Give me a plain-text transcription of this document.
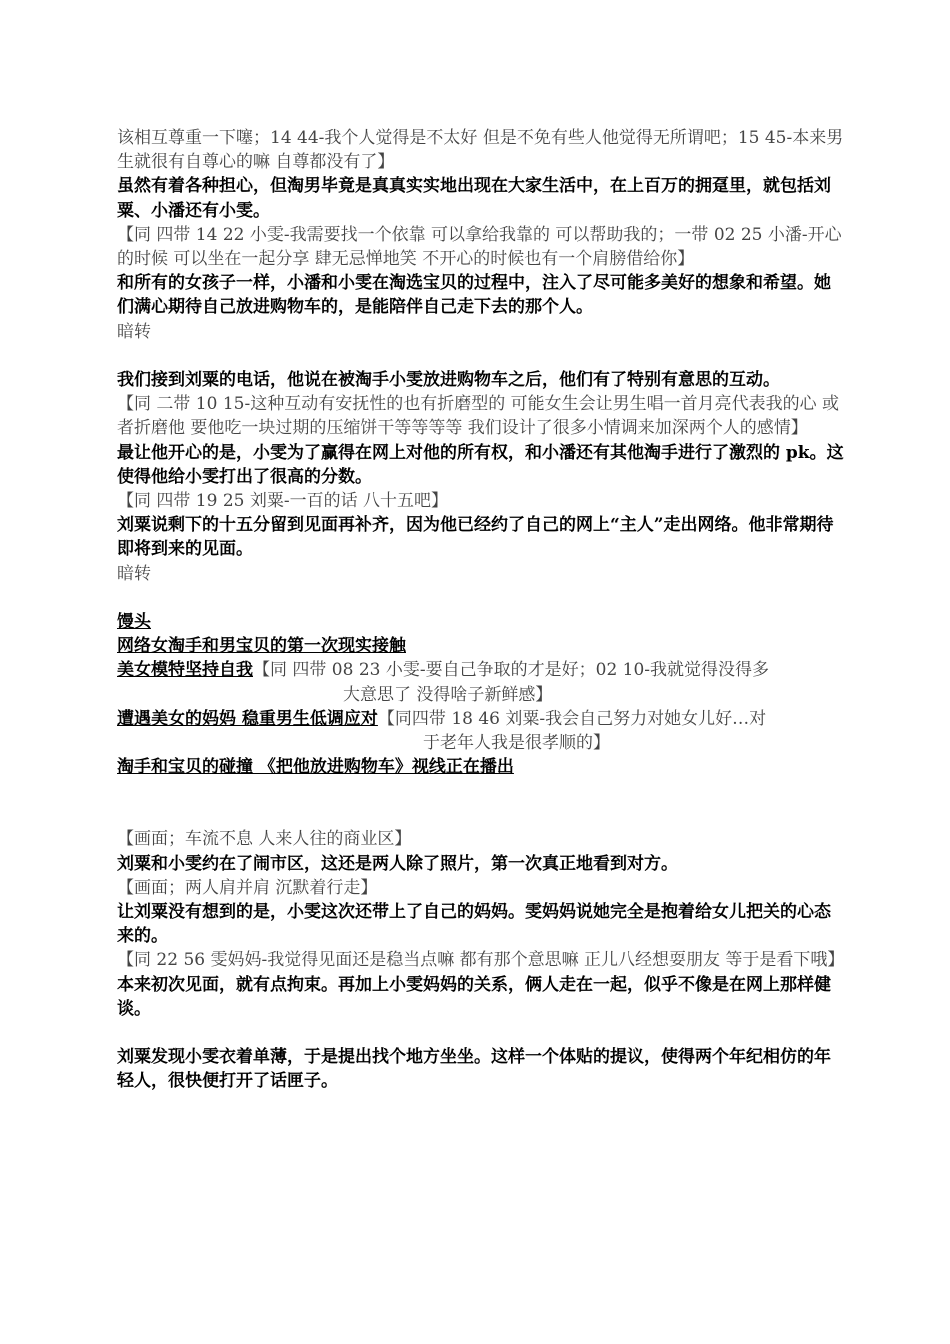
该相互尊重一下噻；14 44-我个人觉得是不太好 但是不免有些人他觉得无所谓吧；15 45-本来男生就很有自尊心的嘛 自尊都没有了】

虽然有着各种担心，但淘男毕竟是真真实实地出现在大家生活中，在上百万的拥趸里，就包括刘粟、小潘还有小雯。

【同 四带 14 22 小雯-我需要找一个依靠 可以拿给我靠的 可以帮助我的；一带 02 25 小潘-开心的时候 可以坐在一起分享 肆无忌惮地笑 不开心的时候也有一个肩膀借给你】

和所有的女孩子一样，小潘和小雯在淘选宝贝的过程中，注入了尽可能多美好的想象和希望。她们满心期待自己放进购物车的，是能陪伴自己走下去的那个人。

暗转

我们接到刘粟的电话，他说在被淘手小雯放进购物车之后，他们有了特别有意思的互动。

【同 二带 10 15-这种互动有安抚性的也有折磨型的 可能女生会让男生唱一首月亮代表我的心 或者折磨他 要他吃一块过期的压缩饼干等等等等 我们设计了很多小情调来加深两个人的感情】

最让他开心的是，小雯为了赢得在网上对他的所有权，和小潘还有其他淘手进行了激烈的 pk。这使得他给小雯打出了很高的分数。

【同 四带 19 25 刘粟-一百的话 八十五吧】

刘粟说剩下的十五分留到见面再补齐，因为他已经约了自己的网上“主人”走出网络。他非常期待即将到来的见面。

暗转

馒头

网络女淘手和男宝贝的第一次现实接触

美女模特坚持自我【同 四带 08 23 小雯-要自己争取的才是好；02 10-我就觉得没得多

大意思了 没得啥子新鲜感】

遭遇美女的妈妈 稳重男生低调应对【同四带 18 46 刘粟-我会自己努力对她女儿好…对

于老年人我是很孝顺的】

淘手和宝贝的碰撞 《把他放进购物车》视线正在播出

【画面；车流不息 人来人往的商业区】

刘粟和小雯约在了闹市区，这还是两人除了照片，第一次真正地看到对方。

【画面；两人肩并肩 沉默着行走】

让刘粟没有想到的是，小雯这次还带上了自己的妈妈。雯妈妈说她完全是抱着给女儿把关的心态来的。

【同 22 56 雯妈妈-我觉得见面还是稳当点嘛 都有那个意思嘛 正儿八经想耍朋友 等于是看下哦】

本来初次见面，就有点拘束。再加上小雯妈妈的关系，俩人走在一起，似乎不像是在网上那样健谈。

刘粟发现小雯衣着单薄，于是提出找个地方坐坐。这样一个体贴的提议，使得两个年纪相仿的年轻人，很快便打开了话匣子。
